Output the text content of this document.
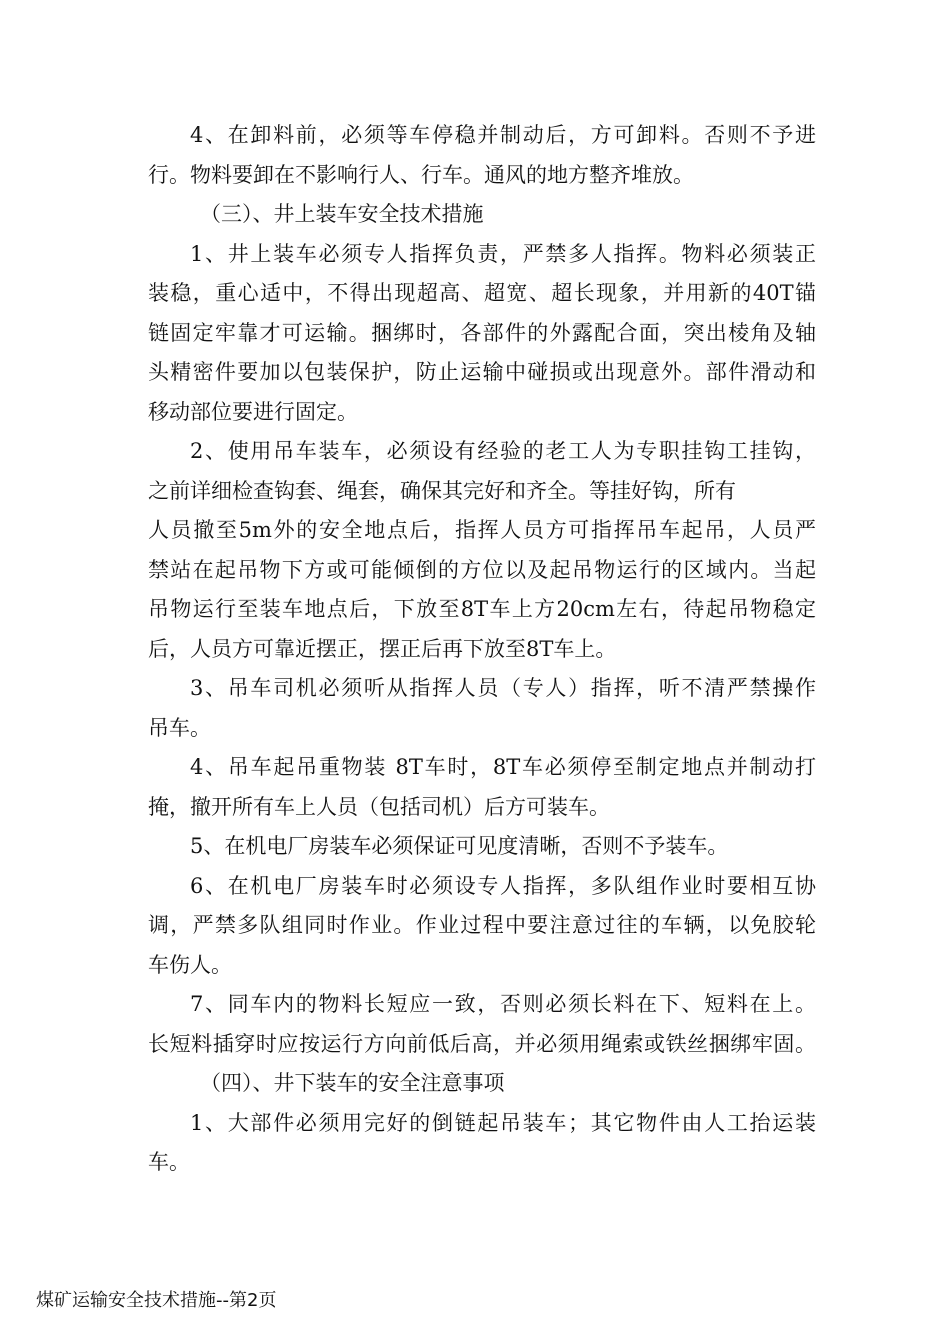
4、在卸料前，必须等车停稳并制动后，方可卸料。否则不予进
行。物料要卸在不影响行人、行车。通风的地方整齐堆放。
（三）、井上装车安全技术措施
1、井上装车必须专人指挥负责，严禁多人指挥。物料必须装正
装稳，重心适中，不得出现超高、超宽、超长现象，并用新的40T锚
链固定牢靠才可运输。捆绑时，各部件的外露配合面，突出棱角及轴
头精密件要加以包装保护，防止运输中碰损或出现意外。部件滑动和
移动部位要进行固定。
2、使用吊车装车，必须设有经验的老工人为专职挂钩工挂钩，
之前详细检查钩套、绳套，确保其完好和齐全。等挂好钩，所有
人员撤至5m外的安全地点后，指挥人员方可指挥吊车起吊，人员严
禁站在起吊物下方或可能倾倒的方位以及起吊物运行的区域内。当起
吊物运行至装车地点后，下放至8T车上方20cm左右，待起吊物稳定
后，人员方可靠近摆正，摆正后再下放至8T车上。
3、吊车司机必须听从指挥人员（专人）指挥，听不清严禁操作
吊车。
4、吊车起吊重物装 8T车时，8T车必须停至制定地点并制动打
掩，撤开所有车上人员（包括司机）后方可装车。
5、在机电厂房装车必须保证可见度清晰，否则不予装车。
6、在机电厂房装车时必须设专人指挥，多队组作业时要相互协
调，严禁多队组同时作业。作业过程中要注意过往的车辆，以免胶轮
车伤人。
7、同车内的物料长短应一致，否则必须长料在下、短料在上。
长短料插穿时应按运行方向前低后高，并必须用绳索或铁丝捆绑牢固。
（四）、井下装车的安全注意事项
1、大部件必须用完好的倒链起吊装车；其它物件由人工抬运装
车。
煤矿运输安全技术措施--第2页
